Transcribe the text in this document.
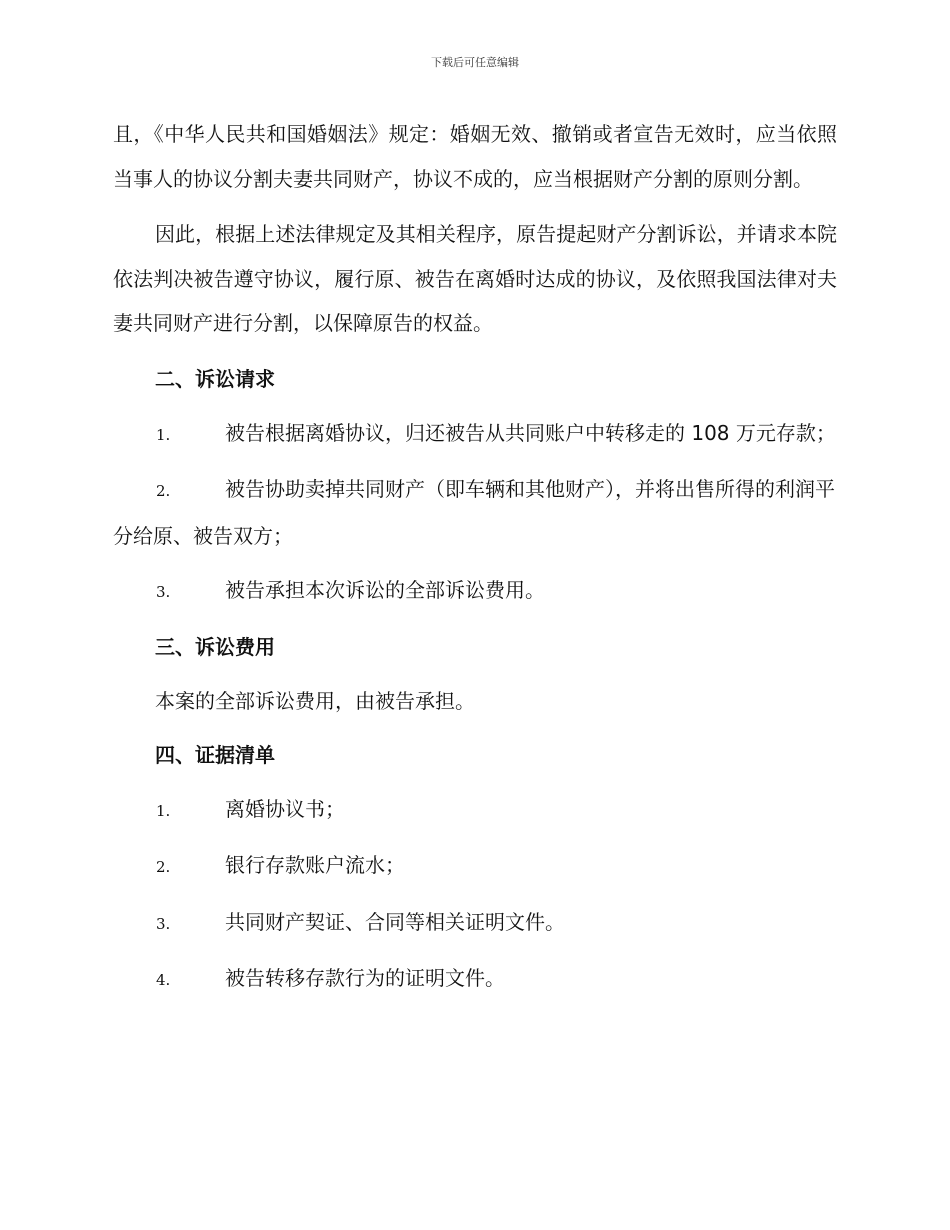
下载后可任意编辑

且，《中华人民共和国婚姻法》规定：婚姻无效、撤销或者宣告无效时，应当依照当事人的协议分割夫妻共同财产，协议不成的，应当根据财产分割的原则分割。

因此，根据上述法律规定及其相关程序，原告提起财产分割诉讼，并请求本院依法判决被告遵守协议，履行原、被告在离婚时达成的协议，及依照我国法律对夫妻共同财产进行分割，以保障原告的权益。

二、诉讼请求
1.	被告根据离婚协议，归还被告从共同账户中转移走的 108 万元存款；
2.	被告协助卖掉共同财产（即车辆和其他财产），并将出售所得的利润平分给原、被告双方；
3.	被告承担本次诉讼的全部诉讼费用。
三、诉讼费用
本案的全部诉讼费用，由被告承担。
四、证据清单
1.	离婚协议书；
2.	银行存款账户流水；
3.	共同财产契证、合同等相关证明文件。
4.	被告转移存款行为的证明文件。
